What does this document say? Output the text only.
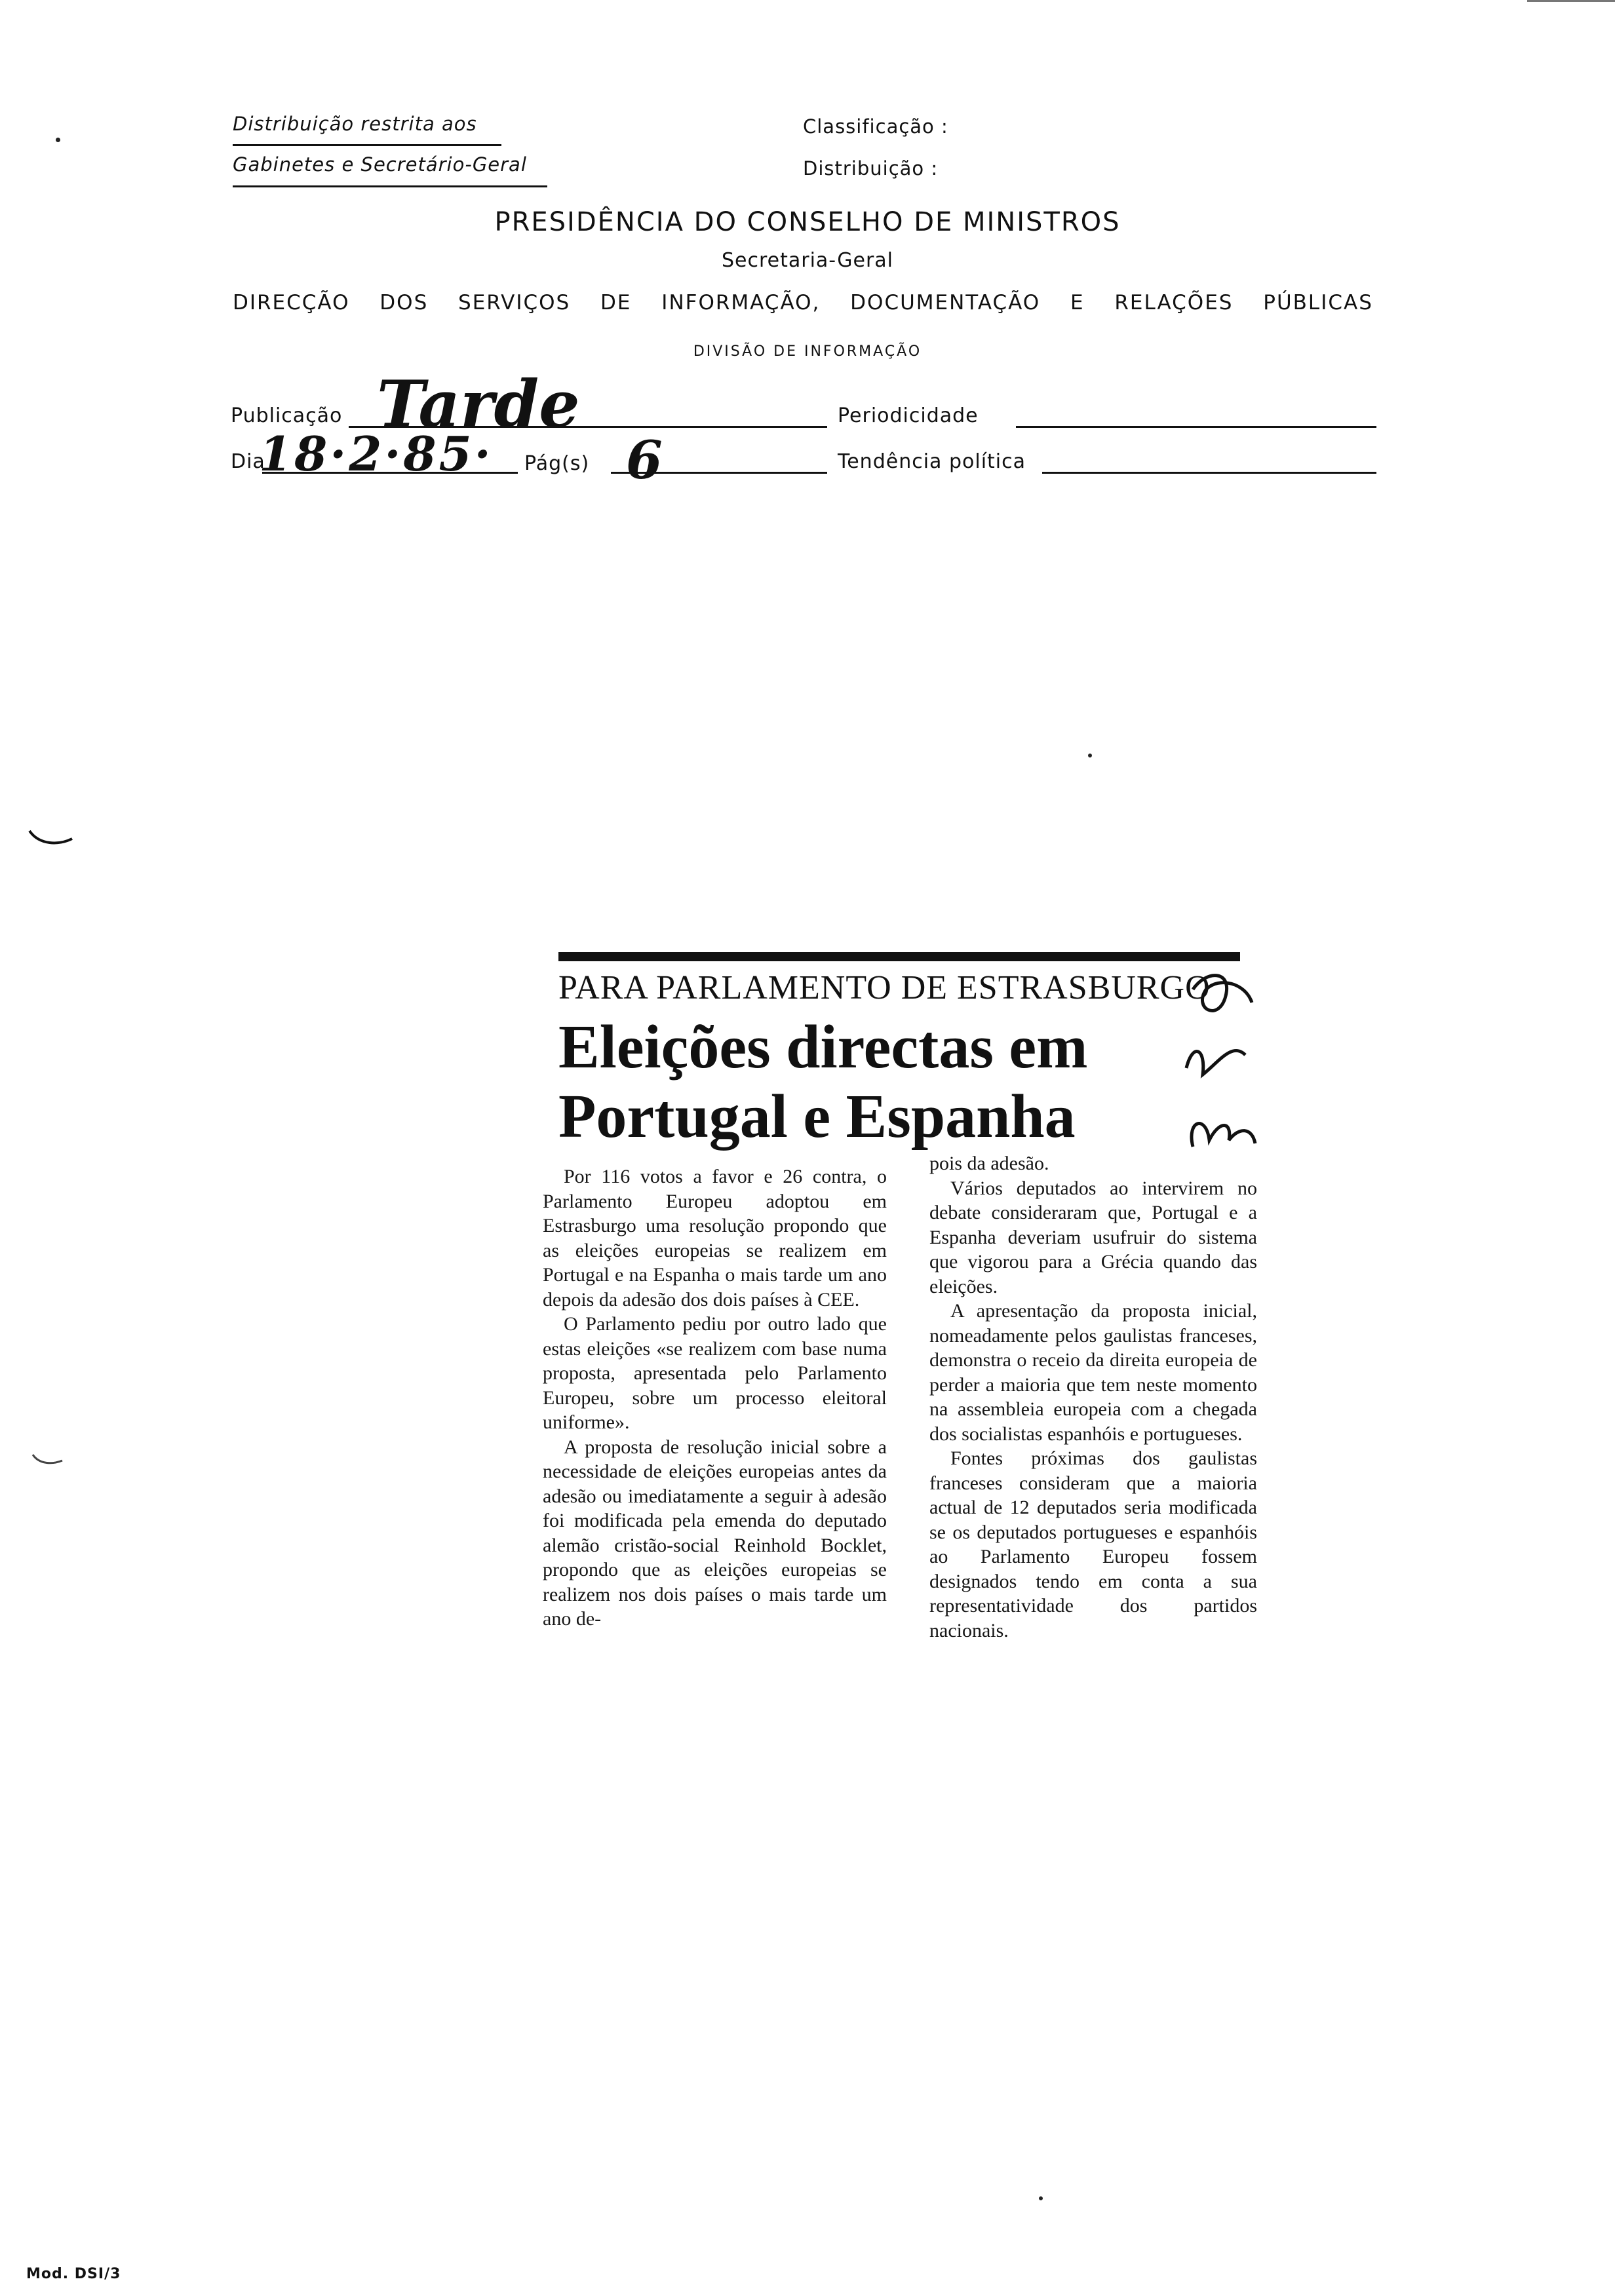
Distribuição restrita aos
Gabinetes e Secretário-Geral
Classificação :
Distribuição :
PRESIDÊNCIA DO CONSELHO DE MINISTROS
Secretaria-Geral
DIRECÇÃO DOS SERVIÇOS DE INFORMAÇÃO, DOCUMENTAÇÃO E RELAÇÕES PÚBLICAS
DIVISÃO DE INFORMAÇÃO
Publicação Tarde	Periodicidade
Dia
18·2·85· Pág(s) 6	Tendência política
PARA PARLAMENTO DE ESTRASBURGO
Eleições directas em
Portugal e Espanha

Por 116 votos a favor e 26 contra, o Parlamento Europeu adoptou em Estrasburgo uma resolução propondo que as eleições europeias se realizem em Portugal e na Espanha o mais tarde um ano depois da adesão dos dois países à CEE.

O Parlamento pediu por outro lado que estas eleições «se realizem com base numa proposta, apresentada pelo Parlamento Europeu, sobre um processo eleitoral uniforme».

A proposta de resolução inicial sobre a necessidade de eleições europeias antes da adesão ou imediatamente a seguir à adesão foi modificada pela emenda do deputado alemão cristão-social Reinhold Bocklet, propondo que as eleições europeias se realizem nos dois países o mais tarde um ano de-

pois da adesão.

Vários deputados ao intervirem no debate consideraram que, Portugal e a Espanha deveriam usufruir do sistema que vigorou para a Grécia quando das eleições.

A apresentação da proposta inicial, nomeadamente pelos gaulistas franceses, demonstra o receio da direita europeia de perder a maioria que tem neste momento na assembleia europeia com a chegada dos socialistas espanhóis e portugueses.

Fontes próximas dos gaulistas franceses consideram que a maioria actual de 12 deputados seria modificada se os deputados portugueses e espanhóis ao Parlamento Europeu fossem designados tendo em conta a sua representatividade dos partidos nacionais.

Mod. DSI/3
